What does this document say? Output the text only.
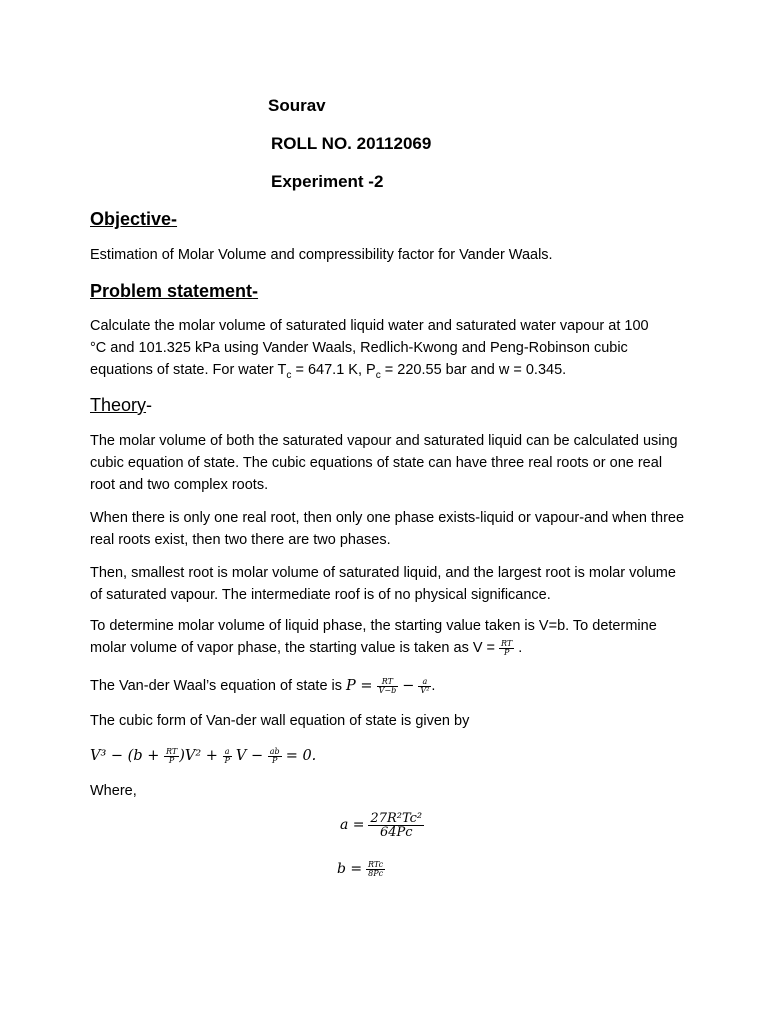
Sourav
ROLL NO. 20112069
Experiment -2
Objective-
Estimation of Molar Volume and compressibility factor for Vander Waals.
Problem statement-
Calculate the molar volume of saturated liquid water and saturated water vapour at 100
°C and 101.325 kPa using Vander Waals, Redlich-Kwong and Peng-Robinson cubic
equations of state. For water $T_c = 647.1$ K, $P_c = 220.55$ bar and w = 0.345.
Theory-
The molar volume of both the saturated vapour and saturated liquid can be calculated using cubic equation of state. The cubic equations of state can have three real roots or one real root and two complex roots.
When there is only one real root, then only one phase exists-liquid or vapour-and when three real roots exist, then two there are two phases.
Then, smallest root is molar volume of saturated liquid, and the largest root is molar volume of saturated vapour. The intermediate roof is of no physical significance.
To determine molar volume of liquid phase, the starting value taken is V=b. To determine molar volume of vapor phase, the starting value is taken as $V = \frac{RT}{P}$ .
The Van-der Waal’s equation of state is $P = \frac{RT}{V-b} - \frac{a}{\text{V²}}$ .
The cubic form of Van-der wall equation of state is given by
$V^3 - (b + \frac{RT}{P} )V^2 + \frac{a}{P}$ $V - \frac{ab}{P} = 0$.
Where,
$a = \frac{\text{27R²Tc²}}{64Pc}$
$b = \frac{\text{RTc}}{8Pc}$
